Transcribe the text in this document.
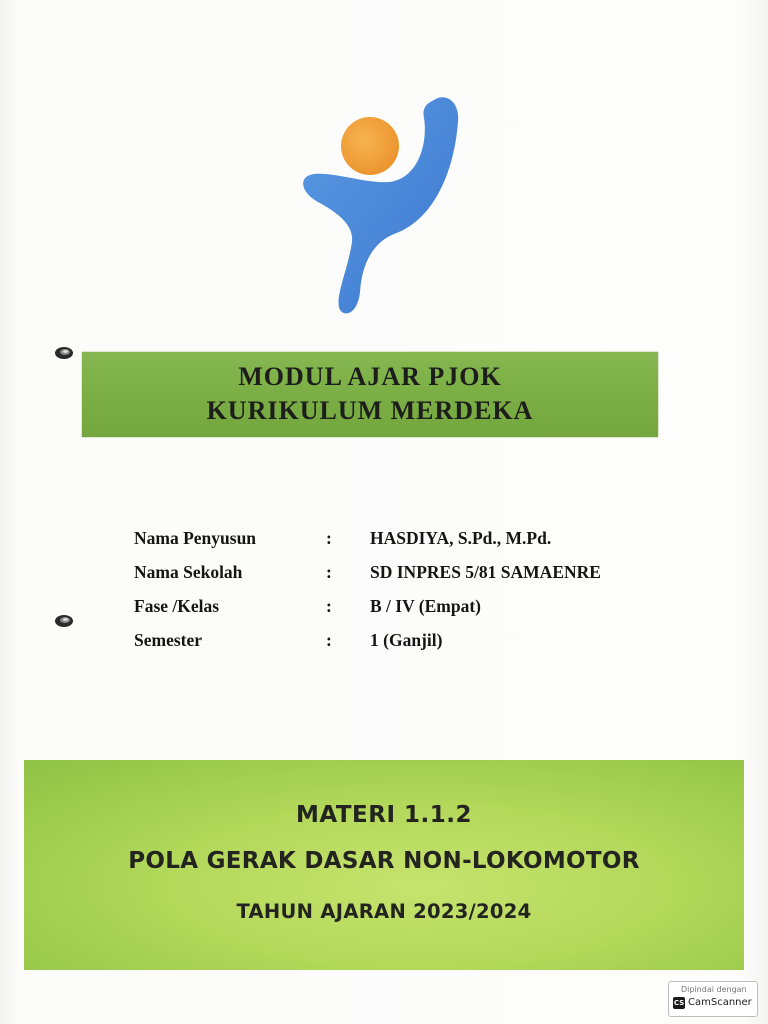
MODUL AJAR PJOK
KURIKULUM MERDEKA
Nama Penyusun	: HASDIYA, S.Pd., M.Pd.
Nama Sekolah	: SD INPRES 5/81 SAMAENRE
Fase /Kelas	: B / IV (Empat)
Semester	: 1 (Ganjil)
MATERI 1.1.2
POLA GERAK DASAR NON-LOKOMOTOR
TAHUN AJARAN 2023/2024
Dipindai dengan
CS CamScanner
